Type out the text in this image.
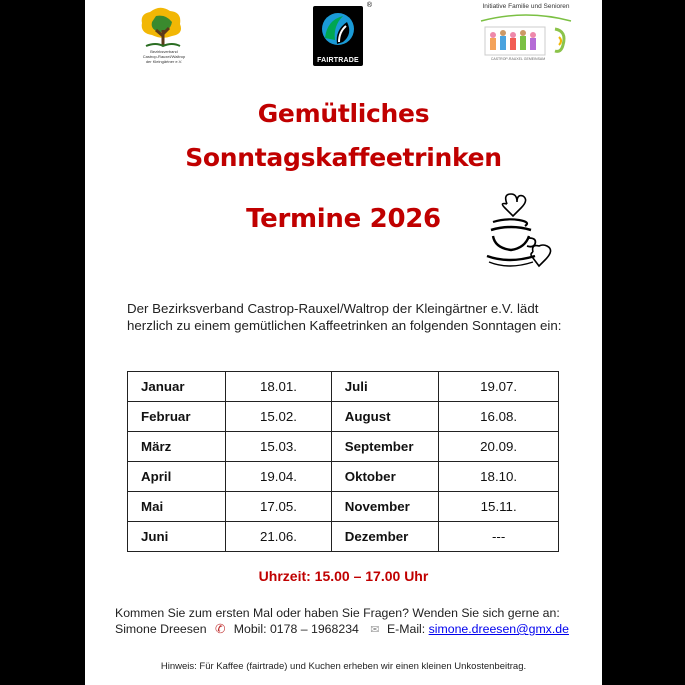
Bezirksverband
Castrop-Rauxel/Waltrop
der Kleingärtner e.V.
®
FAIRTRADE
Initiative Familie und Senioren
CASTROP-RAUXEL GEMEINSAM
Gemütliches
Sonntagskaffeetrinken
Termine 2026
Der Bezirksverband Castrop-Rauxel/Waltrop der Kleingärtner e.V. lädt herzlich zu einem gemütlichen Kaffeetrinken an folgenden Sonntagen ein:
Januar	18.01.	Juli	19.07.
Februar	15.02.	August	16.08.
März	15.03.	September	20.09.
April	19.04.	Oktober	18.10.
Mai	17.05.	November	15.11.
Juni	21.06.	Dezember	---
Uhrzeit: 15.00 – 17.00 Uhr
Kommen Sie zum ersten Mal oder haben Sie Fragen? Wenden Sie sich gerne an:
Simone Dreesen ✆ Mobil: 0178 – 1968234 ✉ E-Mail: simone.dreesen@gmx.de
Hinweis: Für Kaffee (fairtrade) und Kuchen erheben wir einen kleinen Unkostenbeitrag.
